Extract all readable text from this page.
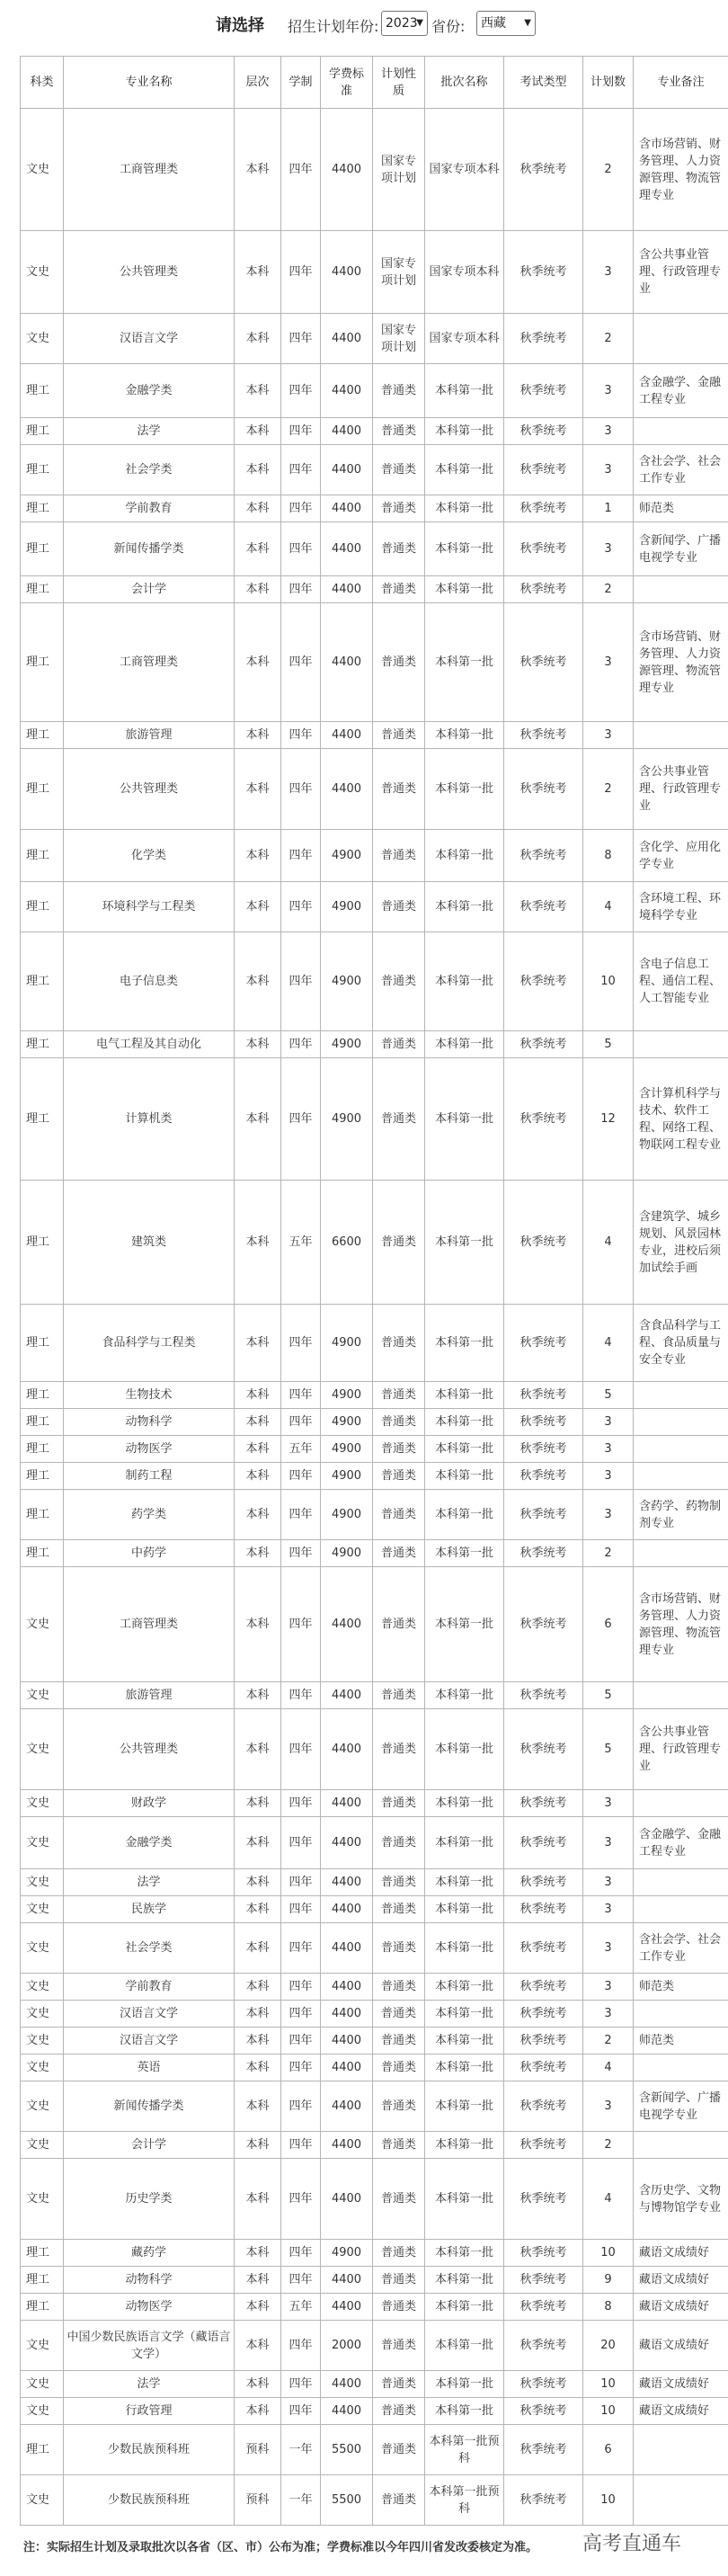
请选择 招生计划年份: 2023
▼ 省份:	西藏 ▼
科类	专业名称	层次	学制	学费标准	计划性质	批次名称	考试类型	计划数	专业备注
文史	工商管理类	本科	四年	4400	国家专项计划	国家专项本科	秋季统考	2	含市场营销、财务管理、人力资源管理、物流管理专业
文史	公共管理类	本科	四年	4400	国家专项计划	国家专项本科	秋季统考	3	含公共事业管理、行政管理专业
文史	汉语言文学	本科	四年	4400	国家专项计划	国家专项本科	秋季统考	2	
理工	金融学类	本科	四年	4400	普通类	本科第一批	秋季统考	3	含金融学、金融工程专业
理工	法学	本科	四年	4400	普通类	本科第一批	秋季统考	3	
理工	社会学类	本科	四年	4400	普通类	本科第一批	秋季统考	3	含社会学、社会工作专业
理工	学前教育	本科	四年	4400	普通类	本科第一批	秋季统考	1	师范类
理工	新闻传播学类	本科	四年	4400	普通类	本科第一批	秋季统考	3	含新闻学、广播电视学专业
理工	会计学	本科	四年	4400	普通类	本科第一批	秋季统考	2	
理工	工商管理类	本科	四年	4400	普通类	本科第一批	秋季统考	3	含市场营销、财务管理、人力资源管理、物流管理专业
理工	旅游管理	本科	四年	4400	普通类	本科第一批	秋季统考	3	
理工	公共管理类	本科	四年	4400	普通类	本科第一批	秋季统考	2	含公共事业管理、行政管理专业
理工	化学类	本科	四年	4900	普通类	本科第一批	秋季统考	8	含化学、应用化学专业
理工	环境科学与工程类	本科	四年	4900	普通类	本科第一批	秋季统考	4	含环境工程、环境科学专业
理工	电子信息类	本科	四年	4900	普通类	本科第一批	秋季统考	10	含电子信息工程、通信工程、人工智能专业
理工	电气工程及其自动化	本科	四年	4900	普通类	本科第一批	秋季统考	5	
理工	计算机类	本科	四年	4900	普通类	本科第一批	秋季统考	12	含计算机科学与技术、软件工程、网络工程、物联网工程专业
理工	建筑类	本科	五年	6600	普通类	本科第一批	秋季统考	4	含建筑学、城乡规划、风景园林专业，进校后须加试绘手画
理工	食品科学与工程类	本科	四年	4900	普通类	本科第一批	秋季统考	4	含食品科学与工程、食品质量与安全专业
理工	生物技术	本科	四年	4900	普通类	本科第一批	秋季统考	5	
理工	动物科学	本科	四年	4900	普通类	本科第一批	秋季统考	3	
理工	动物医学	本科	五年	4900	普通类	本科第一批	秋季统考	3	
理工	制药工程	本科	四年	4900	普通类	本科第一批	秋季统考	3	
理工	药学类	本科	四年	4900	普通类	本科第一批	秋季统考	3	含药学、药物制剂专业
理工	中药学	本科	四年	4900	普通类	本科第一批	秋季统考	2	
文史	工商管理类	本科	四年	4400	普通类	本科第一批	秋季统考	6	含市场营销、财务管理、人力资源管理、物流管理专业
文史	旅游管理	本科	四年	4400	普通类	本科第一批	秋季统考	5	
文史	公共管理类	本科	四年	4400	普通类	本科第一批	秋季统考	5	含公共事业管理、行政管理专业
文史	财政学	本科	四年	4400	普通类	本科第一批	秋季统考	3	
文史	金融学类	本科	四年	4400	普通类	本科第一批	秋季统考	3	含金融学、金融工程专业
文史	法学	本科	四年	4400	普通类	本科第一批	秋季统考	3	
文史	民族学	本科	四年	4400	普通类	本科第一批	秋季统考	3	
文史	社会学类	本科	四年	4400	普通类	本科第一批	秋季统考	3	含社会学、社会工作专业
文史	学前教育	本科	四年	4400	普通类	本科第一批	秋季统考	3	师范类
文史	汉语言文学	本科	四年	4400	普通类	本科第一批	秋季统考	3	
文史	汉语言文学	本科	四年	4400	普通类	本科第一批	秋季统考	2	师范类
文史	英语	本科	四年	4400	普通类	本科第一批	秋季统考	4	
文史	新闻传播学类	本科	四年	4400	普通类	本科第一批	秋季统考	3	含新闻学、广播电视学专业
文史	会计学	本科	四年	4400	普通类	本科第一批	秋季统考	2	
文史	历史学类	本科	四年	4400	普通类	本科第一批	秋季统考	4	含历史学、文物与博物馆学专业
理工	藏药学	本科	四年	4900	普通类	本科第一批	秋季统考	10	藏语文成绩好
理工	动物科学	本科	四年	4400	普通类	本科第一批	秋季统考	9	藏语文成绩好
理工	动物医学	本科	五年	4400	普通类	本科第一批	秋季统考	8	藏语文成绩好
文史	中国少数民族语言文学（藏语言文学）	本科	四年	2000	普通类	本科第一批	秋季统考	20	藏语文成绩好
文史	法学	本科	四年	4400	普通类	本科第一批	秋季统考	10	藏语文成绩好
文史	行政管理	本科	四年	4400	普通类	本科第一批	秋季统考	10	藏语文成绩好
理工	少数民族预科班	预科	一年	5500	普通类	本科第一批预科	秋季统考	6	
文史	少数民族预科班	预科	一年	5500	普通类	本科第一批预科	秋季统考	10	
注：实际招生计划及录取批次以各省（区、市）公布为准；学费标准以今年四川省发改委核定为准。 高考直通车
